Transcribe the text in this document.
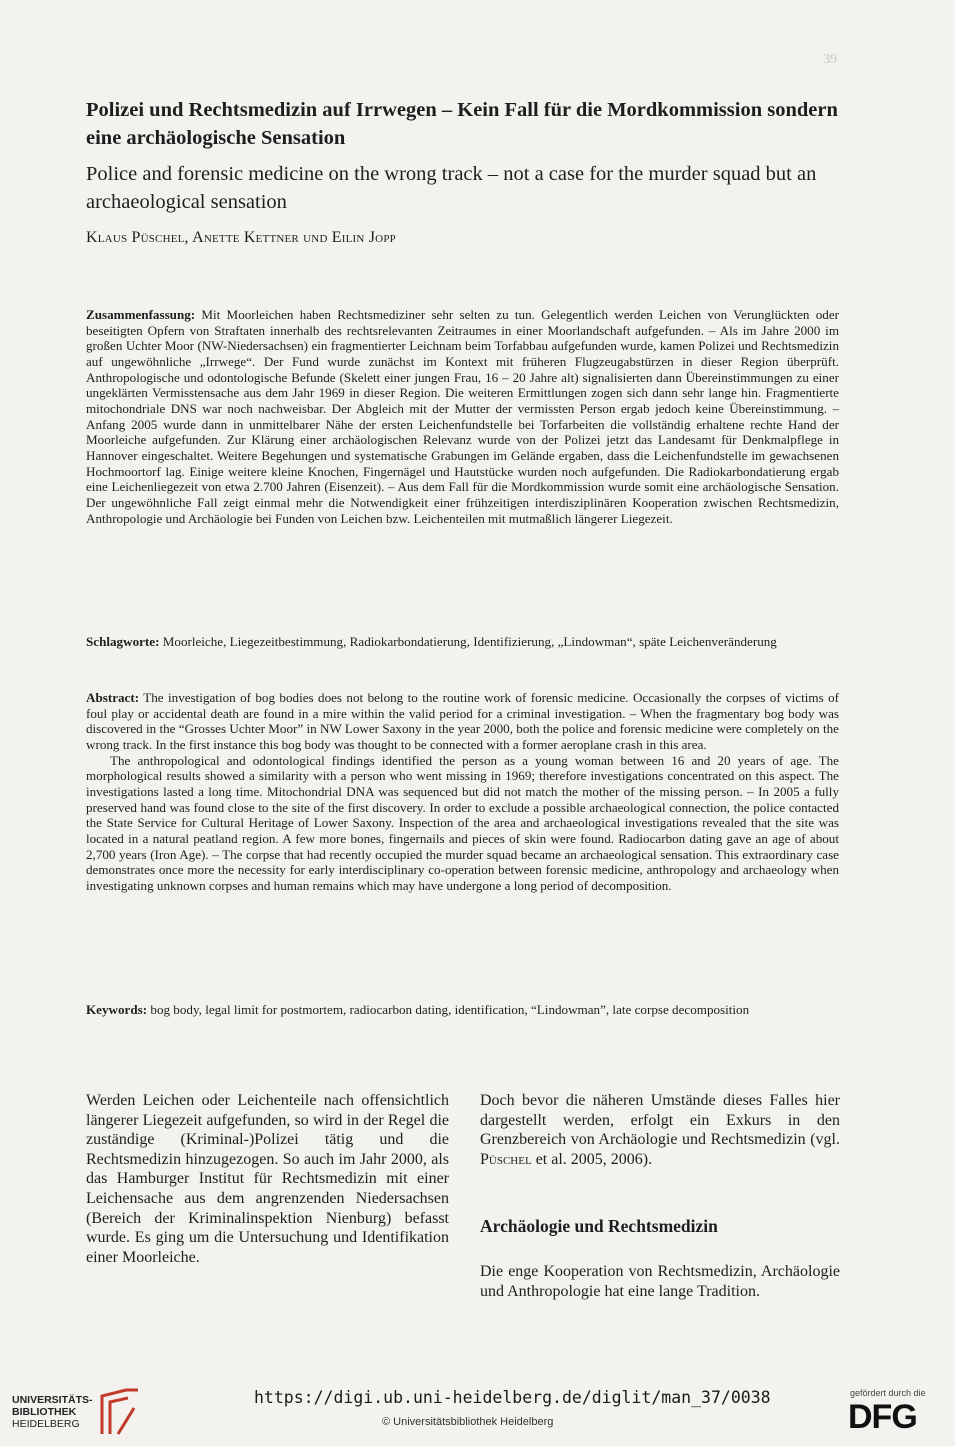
39
Polizei und Rechtsmedizin auf Irrwegen – Kein Fall für die Mordkommission sondern eine archäologische Sensation
Police and forensic medicine on the wrong track – not a case for the murder squad but an archaeological sensation
Klaus Püschel, Anette Kettner und Eilin Jopp

Zusammenfassung: Mit Moorleichen haben Rechtsmediziner sehr selten zu tun. Gelegentlich werden Leichen von Verunglückten oder beseitigten Opfern von Straftaten innerhalb des rechtsrelevanten Zeitraumes in einer Moorlandschaft aufgefunden. – Als im Jahre 2000 im großen Uchter Moor (NW-Niedersachsen) ein fragmentierter Leichnam beim Torfabbau aufgefunden wurde, kamen Polizei und Rechtsmedizin auf ungewöhnliche „Irrwege“. Der Fund wurde zunächst im Kontext mit früheren Flugzeugabstürzen in dieser Region überprüft. Anthropologische und odontologische Befunde (Skelett einer jungen Frau, 16 – 20 Jahre alt) signalisierten dann Übereinstimmungen zu einer ungeklärten Vermisstensache aus dem Jahr 1969 in dieser Region. Die weiteren Ermittlungen zogen sich dann sehr lange hin. Fragmentierte mitochondriale DNS war noch nachweisbar. Der Abgleich mit der Mutter der vermissten Person ergab jedoch keine Übereinstimmung. – Anfang 2005 wurde dann in unmittelbarer Nähe der ersten Leichenfundstelle bei Torfarbeiten die vollständig erhaltene rechte Hand der Moorleiche aufgefunden. Zur Klärung einer archäologischen Relevanz wurde von der Polizei jetzt das Landesamt für Denkmalpflege in Hannover eingeschaltet. Weitere Begehungen und systematische Grabungen im Gelände ergaben, dass die Leichenfundstelle im gewachsenen Hochmoortorf lag. Einige weitere kleine Knochen, Fingernägel und Hautstücke wurden noch aufgefunden. Die Radiokarbondatierung ergab eine Leichenliegezeit von etwa 2.700 Jahren (Eisenzeit). – Aus dem Fall für die Mordkommission wurde somit eine archäologische Sensation. Der ungewöhnliche Fall zeigt einmal mehr die Notwendigkeit einer frühzeitigen interdisziplinären Kooperation zwischen Rechtsmedizin, Anthropologie und Archäologie bei Funden von Leichen bzw. Leichenteilen mit mutmaßlich längerer Liegezeit.

Schlagworte: Moorleiche, Liegezeitbestimmung, Radiokarbondatierung, Identifizierung, „Lindowman“, späte Leichenveränderung

Abstract: The investigation of bog bodies does not belong to the routine work of forensic medicine. Occasionally the corpses of victims of foul play or accidental death are found in a mire within the valid period for a criminal investigation. – When the fragmentary bog body was discovered in the “Grosses Uchter Moor” in NW Lower Saxony in the year 2000, both the police and forensic medicine were completely on the wrong track. In the first instance this bog body was thought to be connected with a former aeroplane crash in this area.

The anthropological and odontological findings identified the person as a young woman between 16 and 20 years of age. The morphological results showed a similarity with a person who went missing in 1969; therefore investigations concentrated on this aspect. The investigations lasted a long time. Mitochondrial DNA was sequenced but did not match the mother of the missing person. – In 2005 a fully preserved hand was found close to the site of the first discovery. In order to exclude a possible archaeological connection, the police contacted the State Service for Cultural Heritage of Lower Saxony. Inspection of the area and archaeological investigations revealed that the site was located in a natural peatland region. A few more bones, fingernails and pieces of skin were found. Radiocarbon dating gave an age of about 2,700 years (Iron Age). – The corpse that had recently occupied the murder squad became an archaeological sensation. This extraordinary case demonstrates once more the necessity for early interdisciplinary co-operation between forensic medicine, anthropology and archaeology when investigating unknown corpses and human remains which may have undergone a long period of decomposition.

Keywords: bog body, legal limit for postmortem, radiocarbon dating, identification, “Lindowman”, late corpse decomposition

Werden Leichen oder Leichenteile nach offensichtlich längerer Liegezeit aufgefunden, so wird in der Regel die zuständige (Kriminal-)Polizei tätig und die Rechtsmedizin hinzugezogen. So auch im Jahr 2000, als das Hamburger Institut für Rechtsmedizin mit einer Leichensache aus dem angrenzenden Niedersachsen (Bereich der Kriminalinspektion Nienburg) befasst wurde. Es ging um die Untersuchung und Identifikation einer Moorleiche.

Doch bevor die näheren Umstände dieses Falles hier dargestellt werden, erfolgt ein Exkurs in den Grenzbereich von Archäologie und Rechtsmedizin (vgl. Püschel et al. 2005, 2006).

Archäologie und Rechtsmedizin

Die enge Kooperation von Rechtsmedizin, Archäologie und Anthropologie hat eine lange Tradition.

UNIVERSITÄTS-
BIBLIOTHEK
HEIDELBERG
https://digi.ub.uni-heidelberg.de/diglit/man_37/0038
© Universitätsbibliothek Heidelberg
gefördert durch die
DFG
